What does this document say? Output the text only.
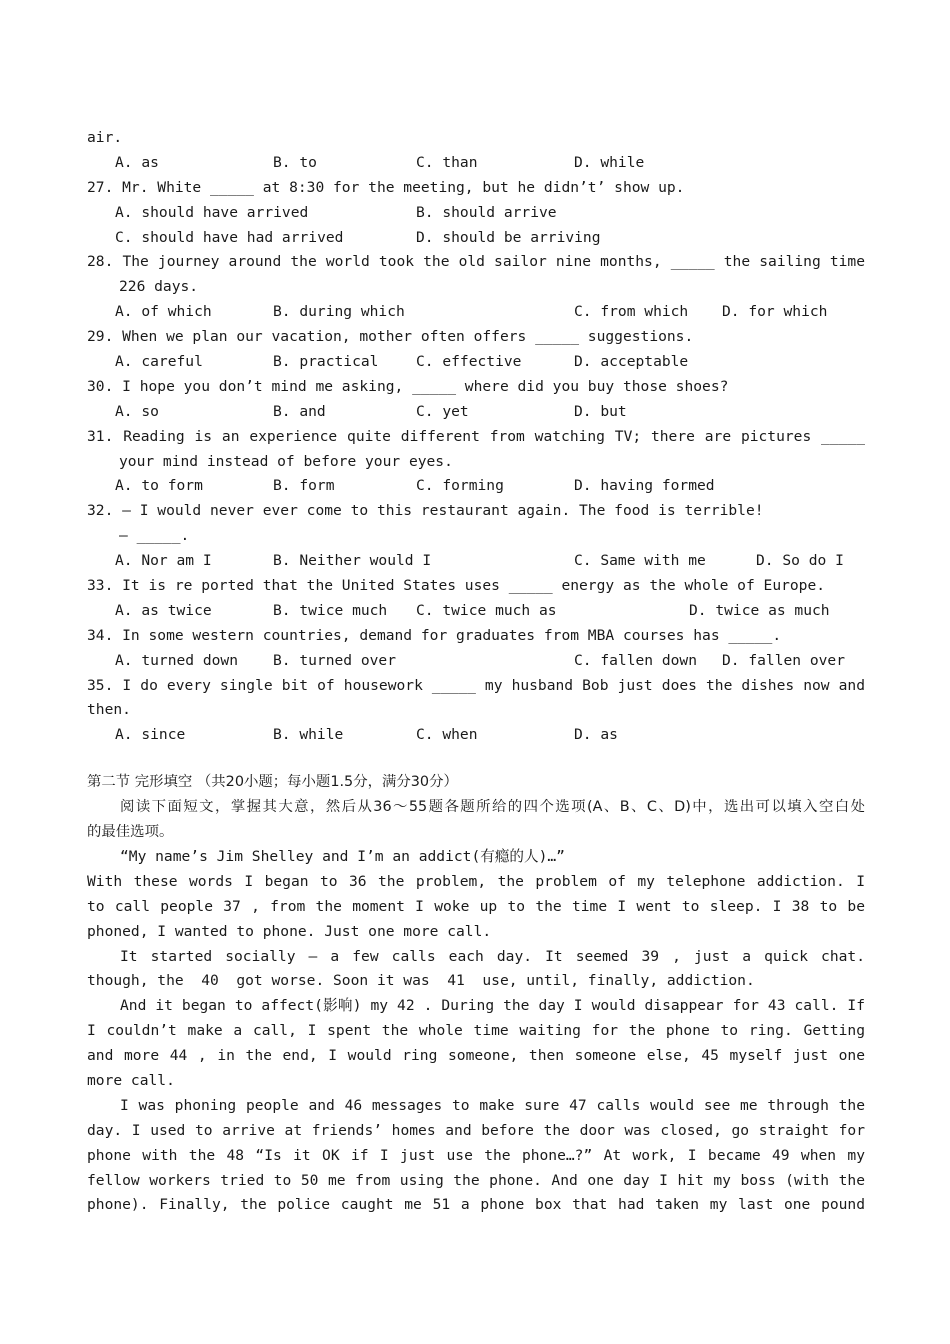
air.

A. as

	B. to

	C. than

	D. while

27. Mr. White _____ at 8:30 for the meeting, but he didn’t’ show up.

A. should have arrived

	B. should arrive

C. should have had arrived

	D. should be arriving

28. The journey around the world took the old sailor nine months, _____ the sailing time
226 days.

A. of which

	B. during which

	C. from which

D. for which

29. When we plan our vacation, mother often offers _____ suggestions.

A. careful

	B. practical

	C. effective

	D. acceptable

30. I hope you don’t mind me asking, _____ where did you buy those shoes?

A. so

	B. and

	C. yet

	D. but

31. Reading is an experience quite different from watching TV; there are pictures _____
your mind instead of before your eyes.

A. to form

	B. form

	C. forming

	D. having formed

32. — I would never ever come to this restaurant again. The food is terrible!
— _____.

A. Nor am I

	B. Neither would I

	C. Same with me

	D. So do I

33. It is re ported that the United States uses _____ energy as the whole of Europe.

A. as twice

	B. twice much

C. twice much as

	D. twice as much

34. In some western countries, demand for graduates from MBA courses has _____.

A. turned down

B. turned over

	C. fallen down

D. fallen over

35. I do every single bit of housework _____ my husband Bob just does the dishes now and
then.

A. since

	B. while

	C. when

	D. as

第二节 完形填空 （共20小题；每小题1.5分，满分30分）
阅读下面短文，掌握其大意，然后从36～55题各题所给的四个选项(A、B、C、D)中，选出可以填入空白处
的最佳选项。
“My name’s Jim Shelley and I’m an addict(有瘾的人)…”
With these words I began to 36 the problem, the problem of my telephone addiction. I
to call people 37 , from the moment I woke up to the time I went to sleep. I 38 to be
phoned, I wanted to phone. Just one more call.
It started socially — a few calls each day. It seemed 39 , just a quick chat.
though, the  40  got worse. Soon it was  41  use, until, finally, addiction.
And it began to affect(影响) my 42 . During the day I would disappear for 43 call. If
I couldn’t make a call, I spent the whole time waiting for the phone to ring. Getting
and more 44 , in the end, I would ring someone, then someone else, 45 myself just one
more call.
I was phoning people and 46 messages to make sure 47 calls would see me through the
day. I used to arrive at friends’ homes and before the door was closed, go straight for
phone with the 48 “Is it OK if I just use the phone…?” At work, I became 49 when my
fellow workers tried to 50 me from using the phone. And one day I hit my boss (with the
phone). Finally, the police caught me 51 a phone box that had taken my last one pound
